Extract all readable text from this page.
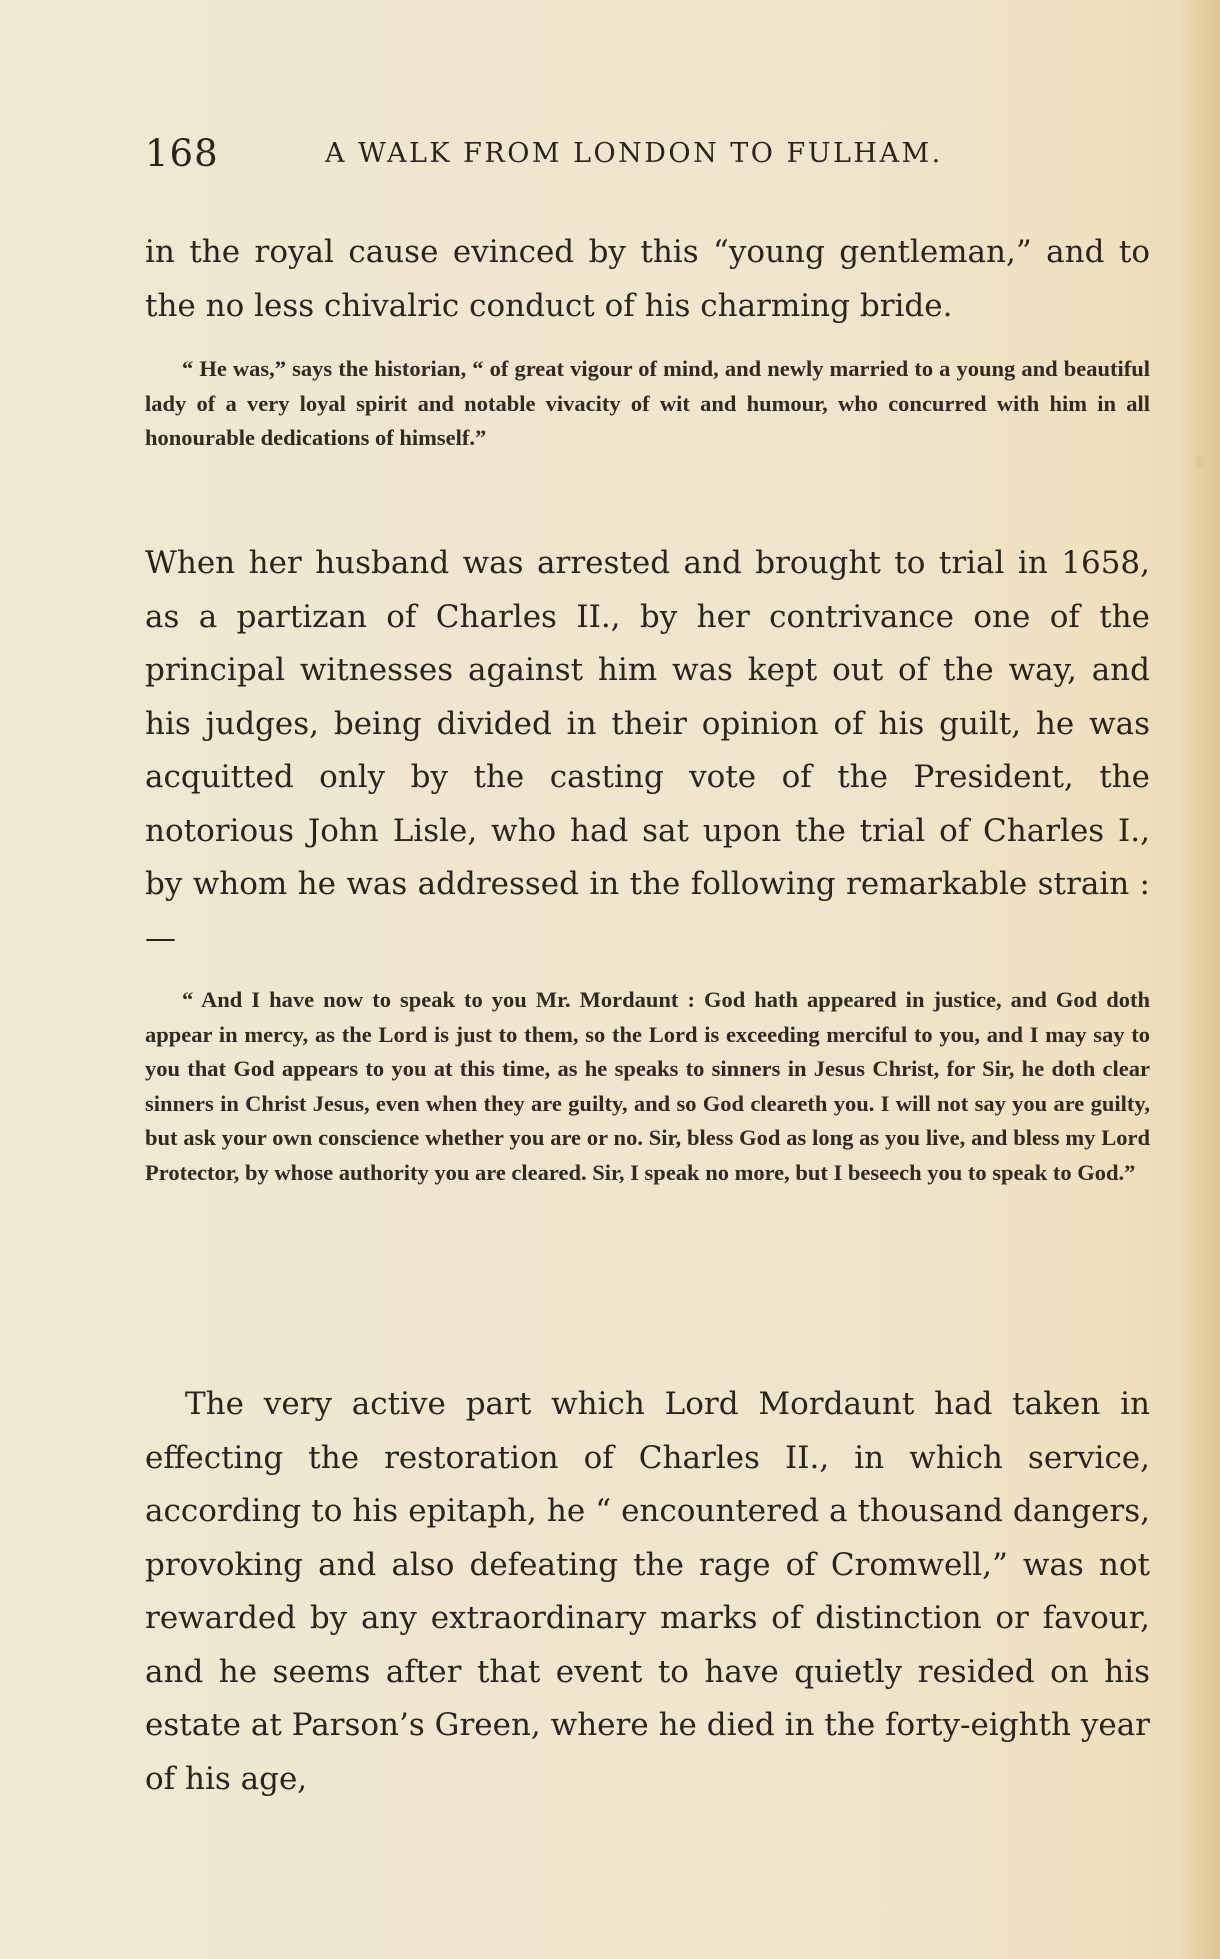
168	A WALK FROM LONDON TO FULHAM.

in the royal cause evinced by this “young gentleman,” and to the no less chivalric conduct of his charming bride.

“ He was,” says the historian, “ of great vigour of mind, and newly married to a young and beautiful lady of a very loyal spirit and notable vivacity of wit and humour, who concurred with him in all honourable dedications of himself.”

When her husband was arrested and brought to trial in 1658, as a partizan of Charles II., by her contrivance one of the principal witnesses against him was kept out of the way, and his judges, being divided in their opinion of his guilt, he was acquitted only by the casting vote of the President, the notorious John Lisle, who had sat upon the trial of Charles I., by whom he was addressed in the following remarkable strain :—

“ And I have now to speak to you Mr. Mordaunt : God hath appeared in justice, and God doth appear in mercy, as the Lord is just to them, so the Lord is exceeding merciful to you, and I may say to you that God appears to you at this time, as he speaks to sinners in Jesus Christ, for Sir, he doth clear sinners in Christ Jesus, even when they are guilty, and so God cleareth you. I will not say you are guilty, but ask your own conscience whether you are or no. Sir, bless God as long as you live, and bless my Lord Protector, by whose authority you are cleared. Sir, I speak no more, but I beseech you to speak to God.”

The very active part which Lord Mordaunt had taken in effecting the restoration of Charles II., in which service, according to his epitaph, he “ encountered a thousand dangers, provoking and also defeating the rage of Cromwell,” was not rewarded by any extraordinary marks of distinction or favour, and he seems after that event to have quietly resided on his estate at Parson’s Green, where he died in the forty-eighth year of his age,
